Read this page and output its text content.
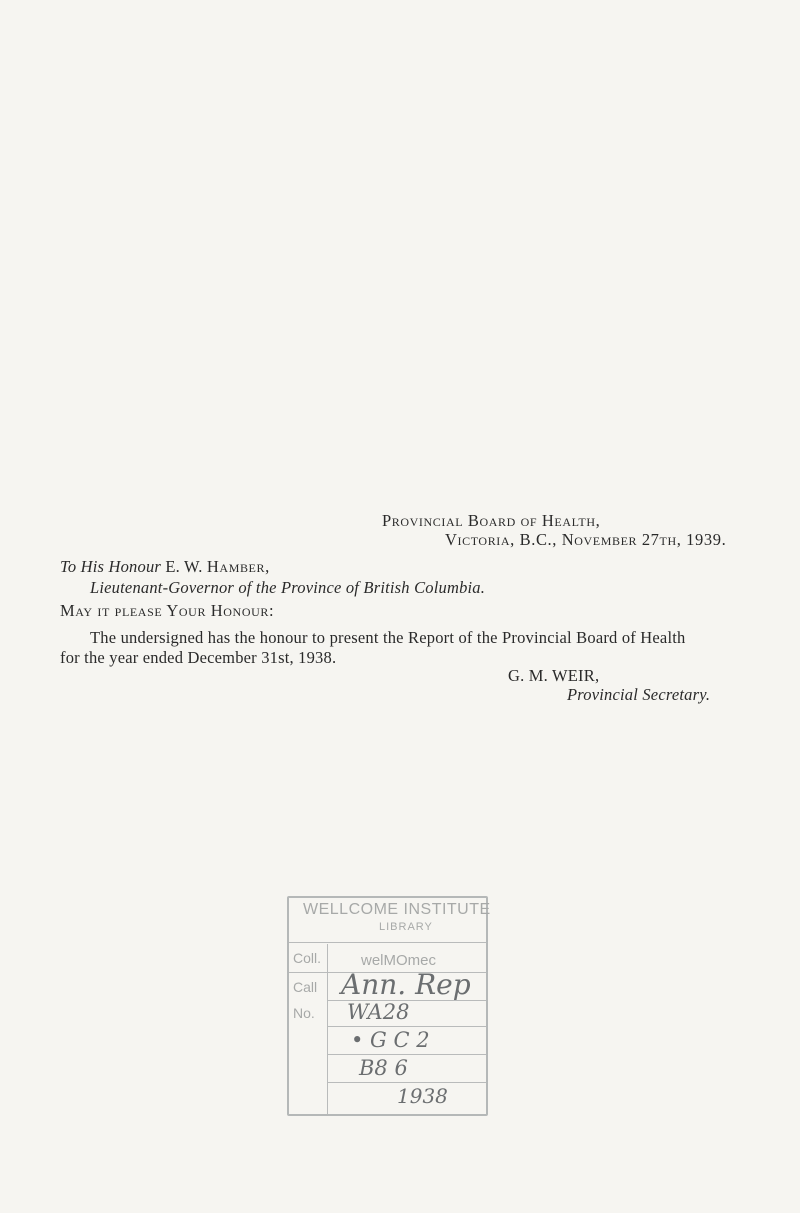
Provincial Board of Health,
Victoria, B.C., November 27th, 1939.
To His Honour E. W. Hamber,
Lieutenant-Governor of the Province of British Columbia.
May it please Your Honour:
The undersigned has the honour to present the Report of the Provincial Board of Health
for the year ended December 31st, 1938.
G. M. WEIR,
Provincial Secretary.
WELLCOME INSTITUTE
LIBRARY
Coll.	welMOmec
Call
No.
Ann. Rep
WA28
• G C 2
B8 6
1938
